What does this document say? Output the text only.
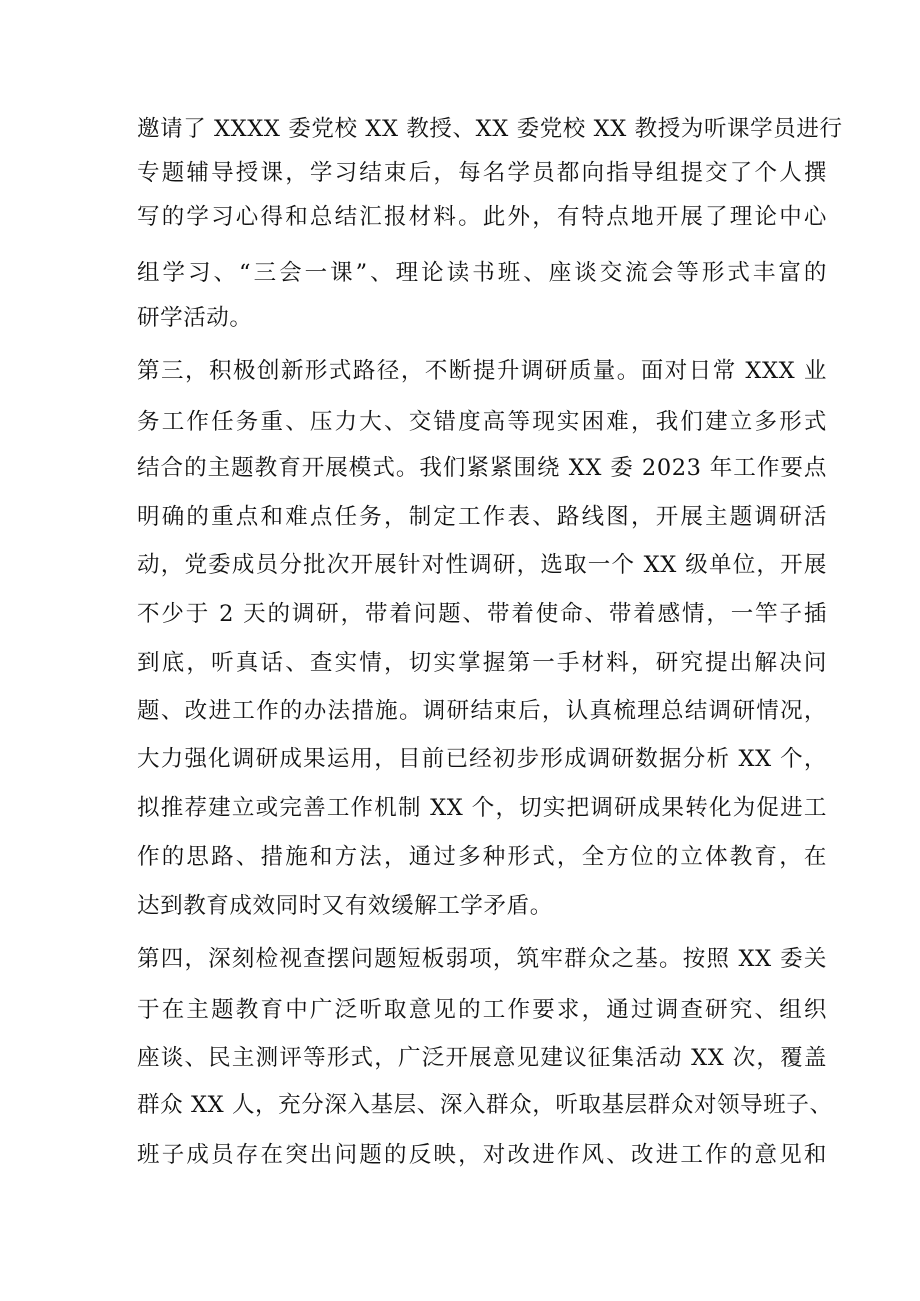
邀请了 XXXX 委党校 XX 教授、XX 委党校 XX 教授为听课学员进行
专题辅导授课，学习结束后，每名学员都向指导组提交了个人撰
写的学习心得和总结汇报材料。此外，有特点地开展了理论中心
组学习、“三会一课”、理论读书班、座谈交流会等形式丰富的
研学活动。
第三，积极创新形式路径，不断提升调研质量。面对日常 XXX 业
务工作任务重、压力大、交错度高等现实困难，我们建立多形式
结合的主题教育开展模式。我们紧紧围绕 XX 委 2023 年工作要点
明确的重点和难点任务，制定工作表、路线图，开展主题调研活
动，党委成员分批次开展针对性调研，选取一个 XX 级单位，开展
不少于 2 天的调研，带着问题、带着使命、带着感情，一竿子插
到底，听真话、查实情，切实掌握第一手材料，研究提出解决问
题、改进工作的办法措施。调研结束后，认真梳理总结调研情况，
大力强化调研成果运用，目前已经初步形成调研数据分析 XX 个，
拟推荐建立或完善工作机制 XX 个，切实把调研成果转化为促进工
作的思路、措施和方法，通过多种形式，全方位的立体教育，在
达到教育成效同时又有效缓解工学矛盾。
第四，深刻检视查摆问题短板弱项，筑牢群众之基。按照 XX 委关
于在主题教育中广泛听取意见的工作要求，通过调查研究、组织
座谈、民主测评等形式，广泛开展意见建议征集活动 XX 次，覆盖
群众 XX 人，充分深入基层、深入群众，听取基层群众对领导班子、
班子成员存在突出问题的反映，对改进作风、改进工作的意见和
